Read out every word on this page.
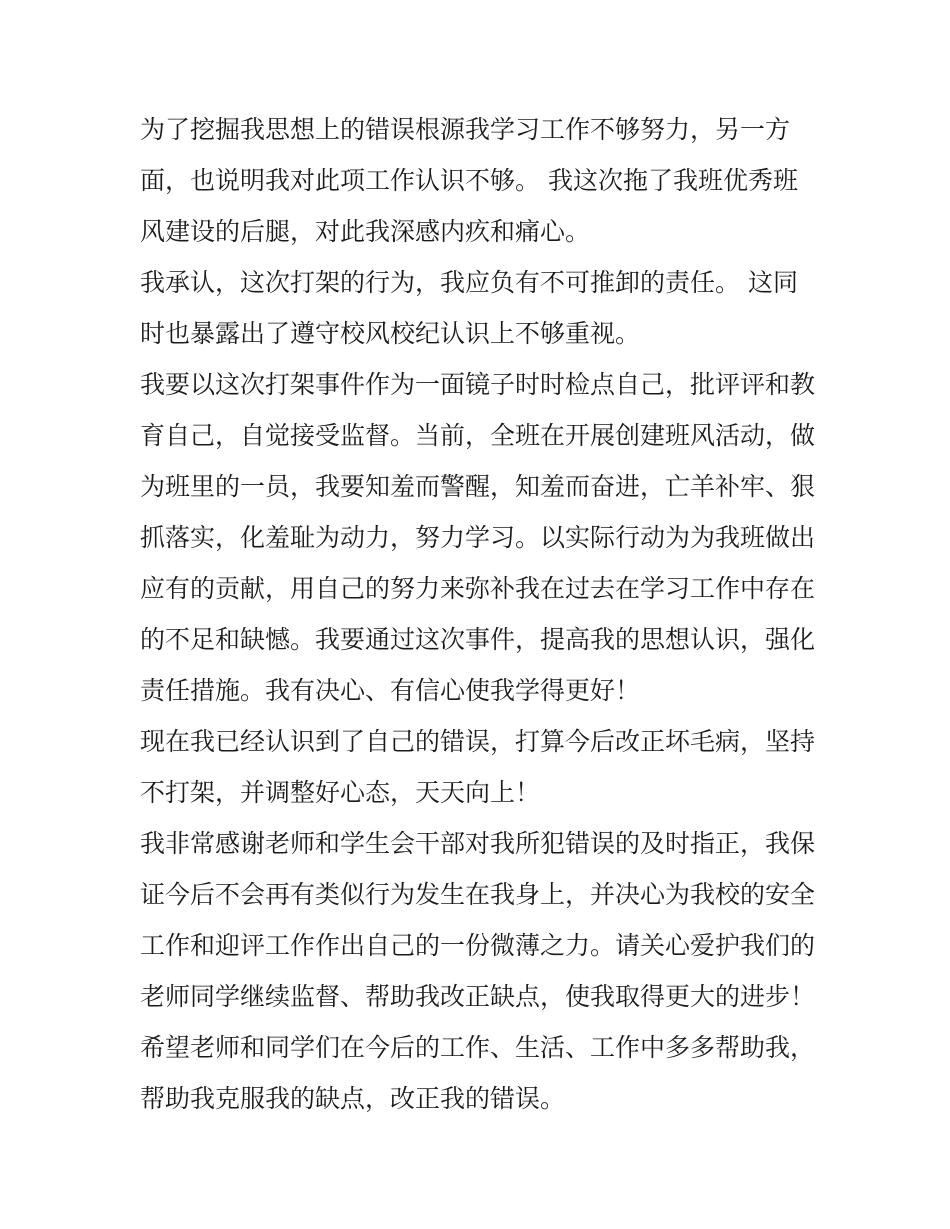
为了挖掘我思想上的错误根源我学习工作不够努力，另一方
面，也说明我对此项工作认识不够。 我这次拖了我班优秀班
风建设的后腿，对此我深感内疚和痛心。
我承认，这次打架的行为，我应负有不可推卸的责任。 这同
时也暴露出了遵守校风校纪认识上不够重视。
我要以这次打架事件作为一面镜子时时检点自己，批评评和教
育自己，自觉接受监督。当前，全班在开展创建班风活动，做
为班里的一员，我要知羞而警醒，知羞而奋进，亡羊补牢、狠
抓落实，化羞耻为动力，努力学习。以实际行动为为我班做出
应有的贡献，用自己的努力来弥补我在过去在学习工作中存在
的不足和缺憾。我要通过这次事件，提高我的思想认识，强化
责任措施。我有决心、有信心使我学得更好！
现在我已经认识到了自己的错误，打算今后改正坏毛病，坚持
不打架，并调整好心态，天天向上！
我非常感谢老师和学生会干部对我所犯错误的及时指正，我保
证今后不会再有类似行为发生在我身上，并决心为我校的安全
工作和迎评工作作出自己的一份微薄之力。请关心爱护我们的
老师同学继续监督、帮助我改正缺点，使我取得更大的进步！
希望老师和同学们在今后的工作、生活、工作中多多帮助我，
帮助我克服我的缺点，改正我的错误。
